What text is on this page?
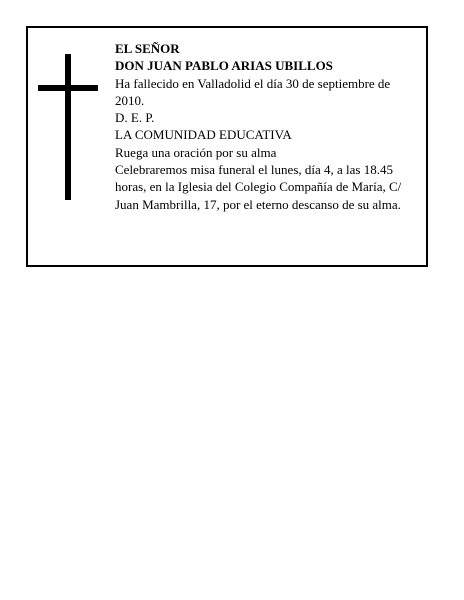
EL SEÑOR
DON JUAN PABLO ARIAS UBILLOS
Ha fallecido en Valladolid el día 30 de septiembre de 2010.
D. E. P.
LA COMUNIDAD EDUCATIVA
Ruega una oración por su alma
Celebraremos misa funeral el lunes, día 4, a las 18.45 horas, en la Iglesia del Colegio Compañía de María, C/ Juan Mambrilla, 17, por el eterno descanso de su alma.
